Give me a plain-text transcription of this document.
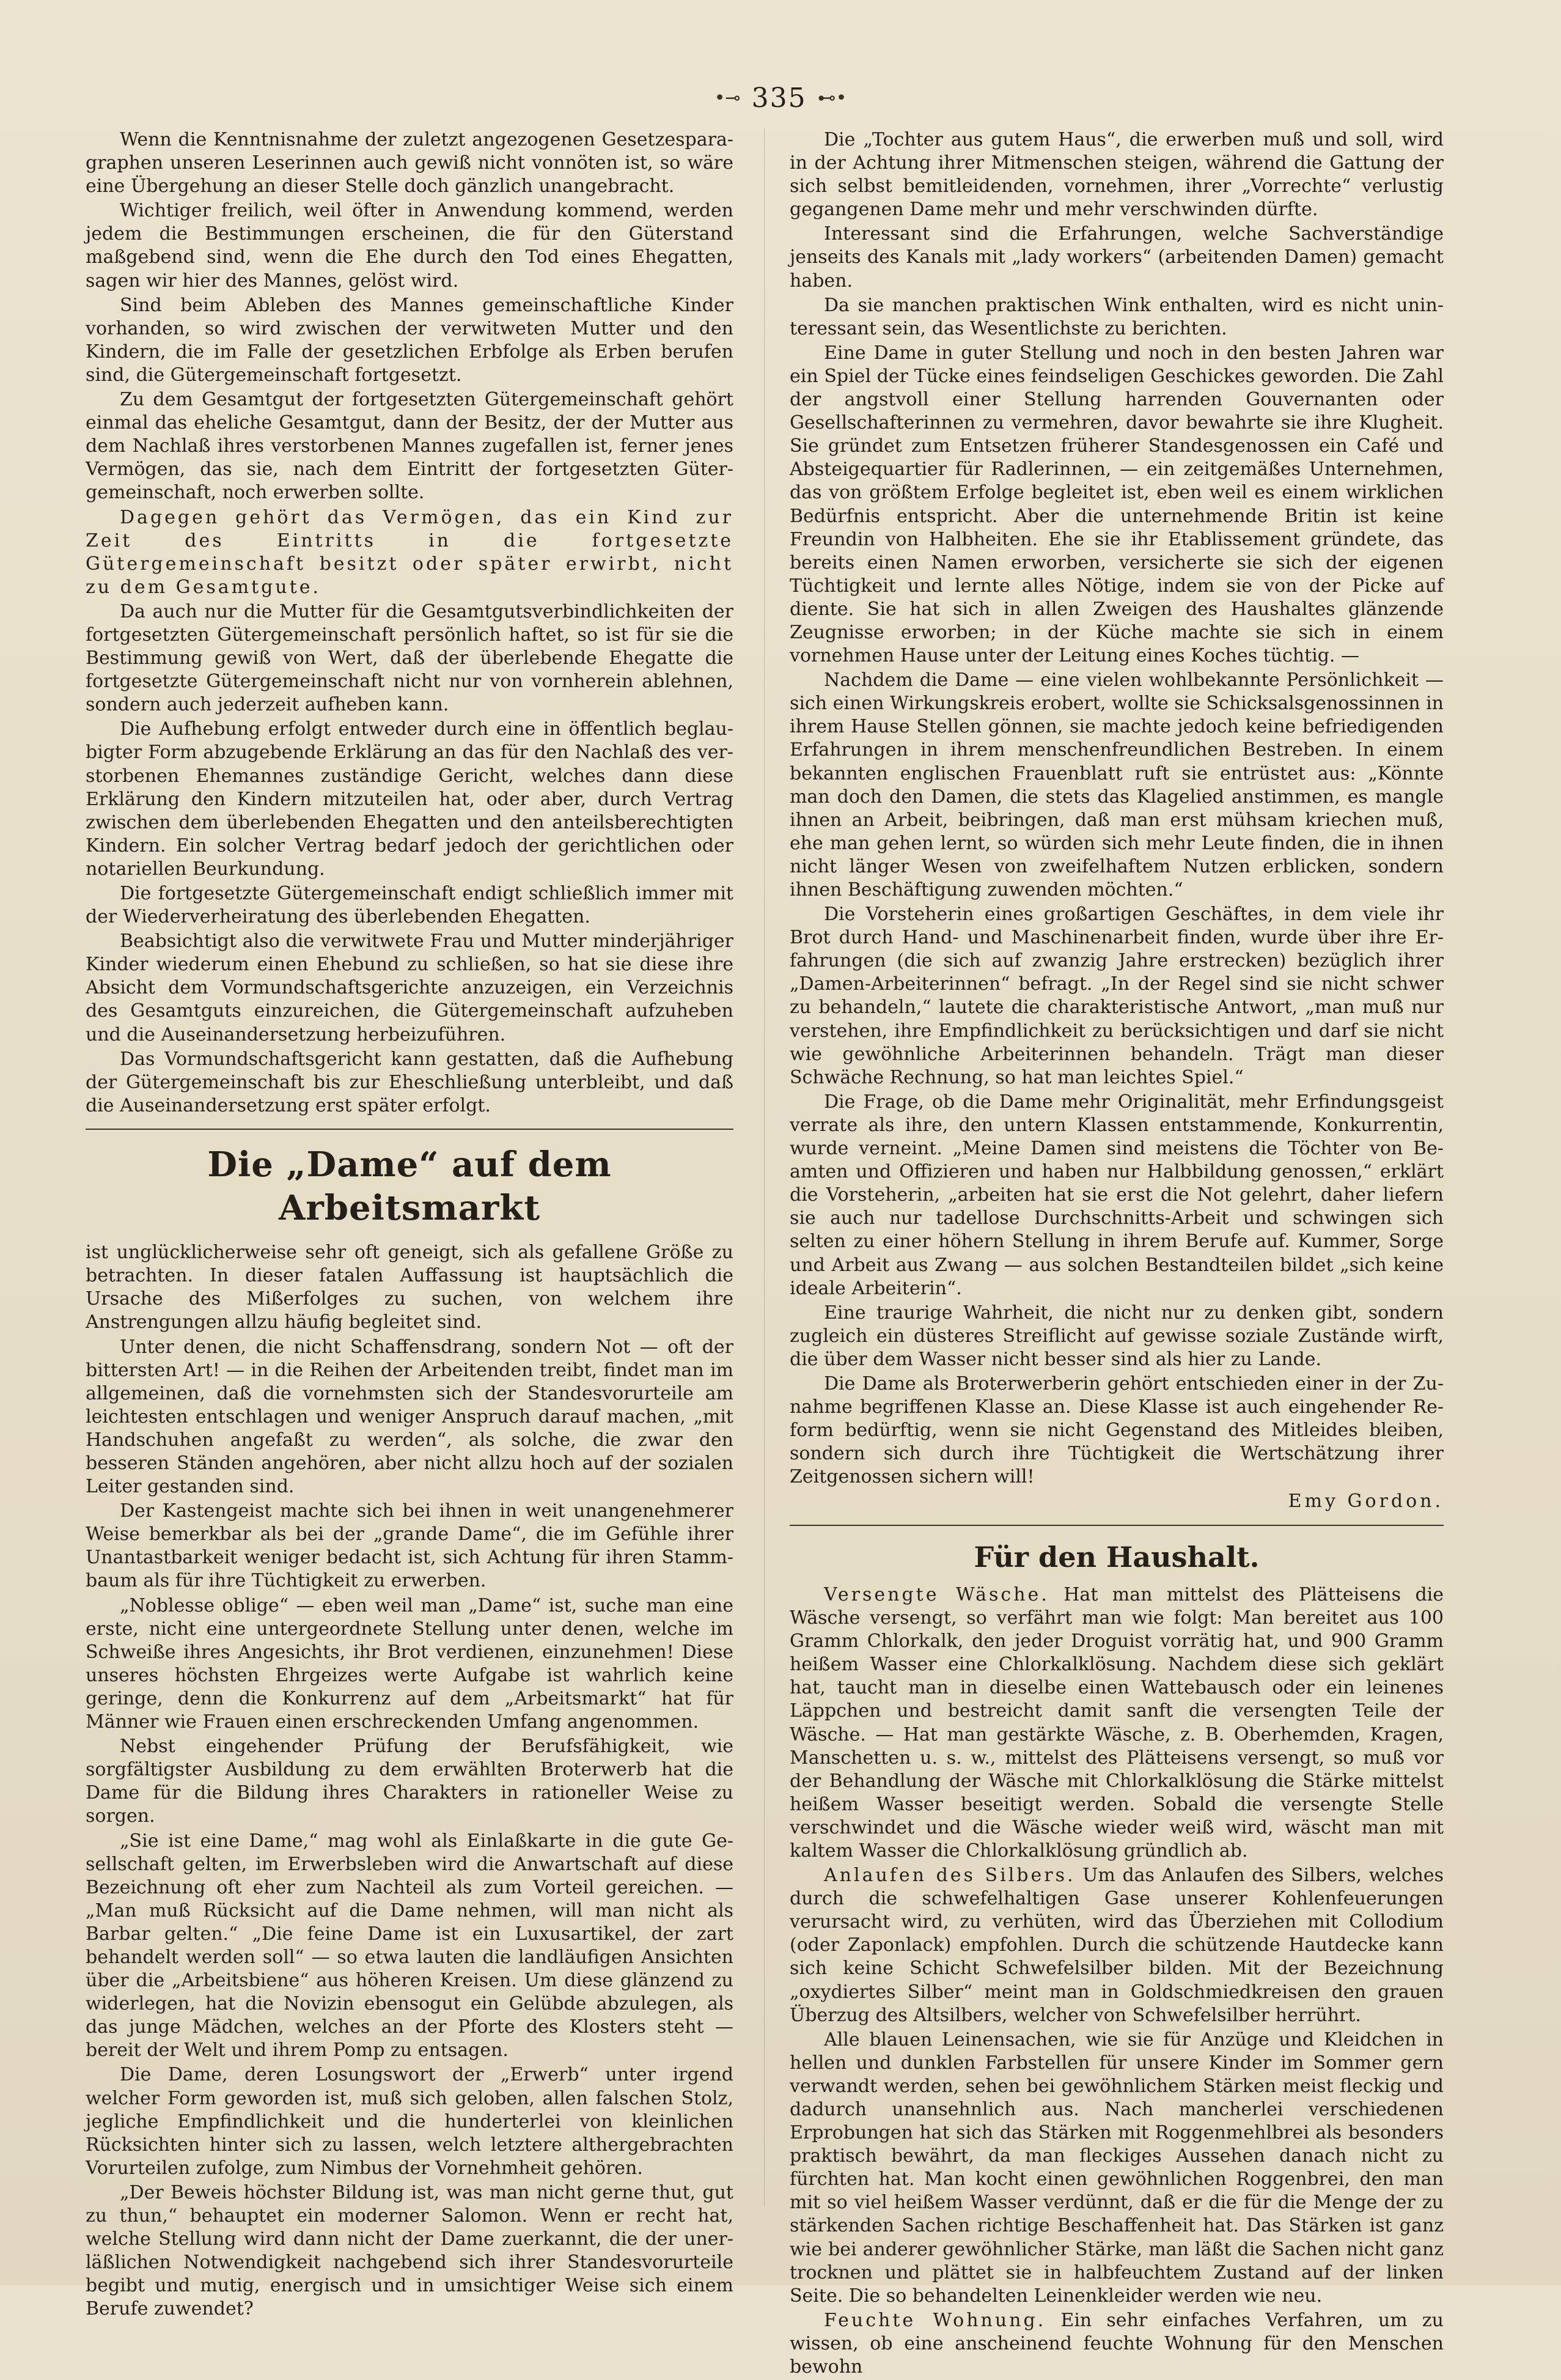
•⊸ 335 ⊷•

Wenn die Kenntnisnahme der zuletzt angezogenen Gesetzesparagraphen unseren Leserinnen auch gewiß nicht vonnöten ist, so wäre eine Übergehung an dieser Stelle doch gänzlich unangebracht.

Wichtiger freilich, weil öfter in Anwendung kommend, werden jedem die Bestimmungen erscheinen, die für den Güterstand maßgebend sind, wenn die Ehe durch den Tod eines Ehegatten, sagen wir hier des Mannes, gelöst wird.

Sind beim Ableben des Mannes gemeinschaftliche Kinder vorhanden, so wird zwischen der verwitweten Mutter und den Kindern, die im Falle der gesetzlichen Erbfolge als Erben berufen sind, die Gütergemeinschaft fortgesetzt.

Zu dem Gesamtgut der fortgesetzten Gütergemeinschaft gehört einmal das eheliche Gesamtgut, dann der Besitz, der der Mutter aus dem Nachlaß ihres verstorbenen Mannes zugefallen ist, ferner jenes Vermögen, das sie, nach dem Eintritt der fortgesetzten Gütergemeinschaft, noch erwerben sollte.

Dagegen gehört das Vermögen, das ein Kind zur Zeit des Eintritts in die fortgesetzte Gütergemeinschaft besitzt oder später erwirbt, nicht zu dem Gesamtgute.

Da auch nur die Mutter für die Gesamtgutsverbindlichkeiten der fortgesetzten Gütergemeinschaft persönlich haftet, so ist für sie die Bestimmung gewiß von Wert, daß der überlebende Ehegatte die fortgesetzte Gütergemeinschaft nicht nur von vornherein ablehnen, sondern auch jederzeit aufheben kann.

Die Aufhebung erfolgt entweder durch eine in öffentlich beglaubigter Form abzugebende Erklärung an das für den Nachlaß des verstorbenen Ehemannes zuständige Gericht, welches dann diese Erklärung den Kindern mitzuteilen hat, oder aber, durch Vertrag zwischen dem überlebenden Ehegatten und den anteilsberechtigten Kindern. Ein solcher Vertrag bedarf jedoch der gerichtlichen oder notariellen Beurkundung.

Die fortgesetzte Gütergemeinschaft endigt schließlich immer mit der Wiederverheiratung des überlebenden Ehegatten.

Beabsichtigt also die verwitwete Frau und Mutter minderjähriger Kinder wiederum einen Ehebund zu schließen, so hat sie diese ihre Absicht dem Vormundschaftsgerichte anzuzeigen, ein Verzeichnis des Gesamtguts einzureichen, die Gütergemeinschaft aufzuheben und die Auseinandersetzung herbeizuführen.

Das Vormundschaftsgericht kann gestatten, daß die Aufhebung der Gütergemeinschaft bis zur Eheschließung unterbleibt, und daß die Auseinandersetzung erst später erfolgt.

Die „Dame“ auf dem Arbeitsmarkt

ist unglücklicherweise sehr oft geneigt, sich als gefallene Größe zu betrachten. In dieser fatalen Auffassung ist hauptsächlich die Ursache des Mißerfolges zu suchen, von welchem ihre Anstrengungen allzu häufig begleitet sind.

Unter denen, die nicht Schaffensdrang, sondern Not — oft der bittersten Art! — in die Reihen der Arbeitenden treibt, findet man im allgemeinen, daß die vornehmsten sich der Standesvorurteile am leichtesten entschlagen und weniger Anspruch darauf machen, „mit Handschuhen angefaßt zu werden“, als solche, die zwar den besseren Ständen angehören, aber nicht allzu hoch auf der sozialen Leiter gestanden sind.

Der Kastengeist machte sich bei ihnen in weit unangenehmerer Weise bemerkbar als bei der „grande Dame“, die im Gefühle ihrer Unantastbarkeit weniger bedacht ist, sich Achtung für ihren Stammbaum als für ihre Tüchtigkeit zu erwerben.

„Noblesse oblige“ — eben weil man „Dame“ ist, suche man eine erste, nicht eine untergeordnete Stellung unter denen, welche im Schweiße ihres Angesichts, ihr Brot verdienen, einzunehmen! Diese unseres höchsten Ehrgeizes werte Aufgabe ist wahrlich keine geringe, denn die Konkurrenz auf dem „Arbeitsmarkt“ hat für Männer wie Frauen einen erschreckenden Umfang angenommen.

Nebst eingehender Prüfung der Berufsfähigkeit, wie sorgfältigster Ausbildung zu dem erwählten Broterwerb hat die Dame für die Bildung ihres Charakters in rationeller Weise zu sorgen.

„Sie ist eine Dame,“ mag wohl als Einlaßkarte in die gute Gesellschaft gelten, im Erwerbsleben wird die Anwartschaft auf diese Bezeichnung oft eher zum Nachteil als zum Vorteil gereichen. — „Man muß Rücksicht auf die Dame nehmen, will man nicht als Barbar gelten.“ „Die feine Dame ist ein Luxusartikel, der zart behandelt werden soll“ — so etwa lauten die landläufigen Ansichten über die „Arbeitsbiene“ aus höheren Kreisen. Um diese glänzend zu widerlegen, hat die Novizin ebensogut ein Gelübde abzulegen, als das junge Mädchen, welches an der Pforte des Klosters steht — bereit der Welt und ihrem Pomp zu entsagen.

Die Dame, deren Losungswort der „Erwerb“ unter irgend welcher Form geworden ist, muß sich geloben, allen falschen Stolz, jegliche Empfindlichkeit und die hunderterlei von kleinlichen Rücksichten hinter sich zu lassen, welch letztere althergebrachten Vorurteilen zufolge, zum Nimbus der Vornehmheit gehören.

„Der Beweis höchster Bildung ist, was man nicht gerne thut, gut zu thun,“ behauptet ein moderner Salomon. Wenn er recht hat, welche Stellung wird dann nicht der Dame zuerkannt, die der unerläßlichen Notwendigkeit nachgebend sich ihrer Standesvorurteile begibt und mutig, energisch und in umsichtiger Weise sich einem Berufe zuwendet?

Die „Tochter aus gutem Haus“, die erwerben muß und soll, wird in der Achtung ihrer Mitmenschen steigen, während die Gattung der sich selbst bemitleidenden, vornehmen, ihrer „Vorrechte“ verlustig gegangenen Dame mehr und mehr verschwinden dürfte.

Interessant sind die Erfahrungen, welche Sachverständige jenseits des Kanals mit „lady workers“ (arbeitenden Damen) gemacht haben.

Da sie manchen praktischen Wink enthalten, wird es nicht uninteressant sein, das Wesentlichste zu berichten.

Eine Dame in guter Stellung und noch in den besten Jahren war ein Spiel der Tücke eines feindseligen Geschickes geworden. Die Zahl der angstvoll einer Stellung harrenden Gouvernanten oder Gesellschafterinnen zu vermehren, davor bewahrte sie ihre Klugheit. Sie gründet zum Entsetzen früherer Standesgenossen ein Café und Absteigequartier für Radlerinnen, — ein zeitgemäßes Unternehmen, das von größtem Erfolge begleitet ist, eben weil es einem wirklichen Bedürfnis entspricht. Aber die unternehmende Britin ist keine Freundin von Halbheiten. Ehe sie ihr Etablissement gründete, das bereits einen Namen erworben, versicherte sie sich der eigenen Tüchtigkeit und lernte alles Nötige, indem sie von der Picke auf diente. Sie hat sich in allen Zweigen des Haushaltes glänzende Zeugnisse erworben; in der Küche machte sie sich in einem vornehmen Hause unter der Leitung eines Koches tüchtig. —

Nachdem die Dame — eine vielen wohlbekannte Persönlichkeit — sich einen Wirkungskreis erobert, wollte sie Schicksalsgenossinnen in ihrem Hause Stellen gönnen, sie machte jedoch keine befriedigenden Erfahrungen in ihrem menschenfreundlichen Bestreben. In einem bekannten englischen Frauenblatt ruft sie entrüstet aus: „Könnte man doch den Damen, die stets das Klagelied anstimmen, es mangle ihnen an Arbeit, beibringen, daß man erst mühsam kriechen muß, ehe man gehen lernt, so würden sich mehr Leute finden, die in ihnen nicht länger Wesen von zweifelhaftem Nutzen erblicken, sondern ihnen Beschäftigung zuwenden möchten.“

Die Vorsteherin eines großartigen Geschäftes, in dem viele ihr Brot durch Hand- und Maschinenarbeit finden, wurde über ihre Erfahrungen (die sich auf zwanzig Jahre erstrecken) bezüglich ihrer „Damen-Arbeiterinnen“ befragt. „In der Regel sind sie nicht schwer zu behandeln,“ lautete die charakteristische Antwort, „man muß nur verstehen, ihre Empfindlichkeit zu berücksichtigen und darf sie nicht wie gewöhnliche Arbeiterinnen behandeln. Trägt man dieser Schwäche Rechnung, so hat man leichtes Spiel.“

Die Frage, ob die Dame mehr Originalität, mehr Erfindungsgeist verrate als ihre, den untern Klassen entstammende, Konkurrentin, wurde verneint. „Meine Damen sind meistens die Töchter von Beamten und Offizieren und haben nur Halbbildung genossen,“ erklärt die Vorsteherin, „arbeiten hat sie erst die Not gelehrt, daher liefern sie auch nur tadellose Durchschnitts-Arbeit und schwingen sich selten zu einer höhern Stellung in ihrem Berufe auf. Kummer, Sorge und Arbeit aus Zwang — aus solchen Bestandteilen bildet „sich keine ideale Arbeiterin“.

Eine traurige Wahrheit, die nicht nur zu denken gibt, sondern zugleich ein düsteres Streiflicht auf gewisse soziale Zustände wirft, die über dem Wasser nicht besser sind als hier zu Lande.

Die Dame als Broterwerberin gehört entschieden einer in der Zunahme begriffenen Klasse an. Diese Klasse ist auch eingehender Reform bedürftig, wenn sie nicht Gegenstand des Mitleides bleiben, sondern sich durch ihre Tüchtigkeit die Wertschätzung ihrer Zeitgenossen sichern will!

Emy Gordon.
Für den Haushalt.

Versengte Wäsche. Hat man mittelst des Plätteisens die Wäsche versengt, so verfährt man wie folgt: Man bereitet aus 100 Gramm Chlorkalk, den jeder Droguist vorrätig hat, und 900 Gramm heißem Wasser eine Chlorkalklösung. Nachdem diese sich geklärt hat, taucht man in dieselbe einen Wattebausch oder ein leinenes Läppchen und bestreicht damit sanft die versengten Teile der Wäsche. — Hat man gestärkte Wäsche, z. B. Oberhemden, Kragen, Manschetten u. s. w., mittelst des Plätteisens versengt, so muß vor der Behandlung der Wäsche mit Chlorkalklösung die Stärke mittelst heißem Wasser beseitigt werden. Sobald die versengte Stelle verschwindet und die Wäsche wieder weiß wird, wäscht man mit kaltem Wasser die Chlorkalklösung gründlich ab.

Anlaufen des Silbers. Um das Anlaufen des Silbers, welches durch die schwefelhaltigen Gase unserer Kohlenfeuerungen verursacht wird, zu verhüten, wird das Überziehen mit Collodium (oder Zaponlack) empfohlen. Durch die schützende Hautdecke kann sich keine Schicht Schwefelsilber bilden. Mit der Bezeichnung „oxydiertes Silber“ meint man in Goldschmiedkreisen den grauen Überzug des Altsilbers, welcher von Schwefelsilber herrührt.

Alle blauen Leinensachen, wie sie für Anzüge und Kleidchen in hellen und dunklen Farbstellen für unsere Kinder im Sommer gern verwandt werden, sehen bei gewöhnlichem Stärken meist fleckig und dadurch unansehnlich aus. Nach mancherlei verschiedenen Erprobungen hat sich das Stärken mit Roggenmehlbrei als besonders praktisch bewährt, da man fleckiges Aussehen danach nicht zu fürchten hat. Man kocht einen gewöhnlichen Roggenbrei, den man mit so viel heißem Wasser verdünnt, daß er die für die Menge der zu stärkenden Sachen richtige Beschaffenheit hat. Das Stärken ist ganz wie bei anderer gewöhnlicher Stärke, man läßt die Sachen nicht ganz trocknen und plättet sie in halbfeuchtem Zustand auf der linken Seite. Die so behandelten Leinenkleider werden wie neu.

Feuchte Wohnung. Ein sehr einfaches Verfahren, um zu wissen, ob eine anscheinend feuchte Wohnung für den Menschen bewohn
